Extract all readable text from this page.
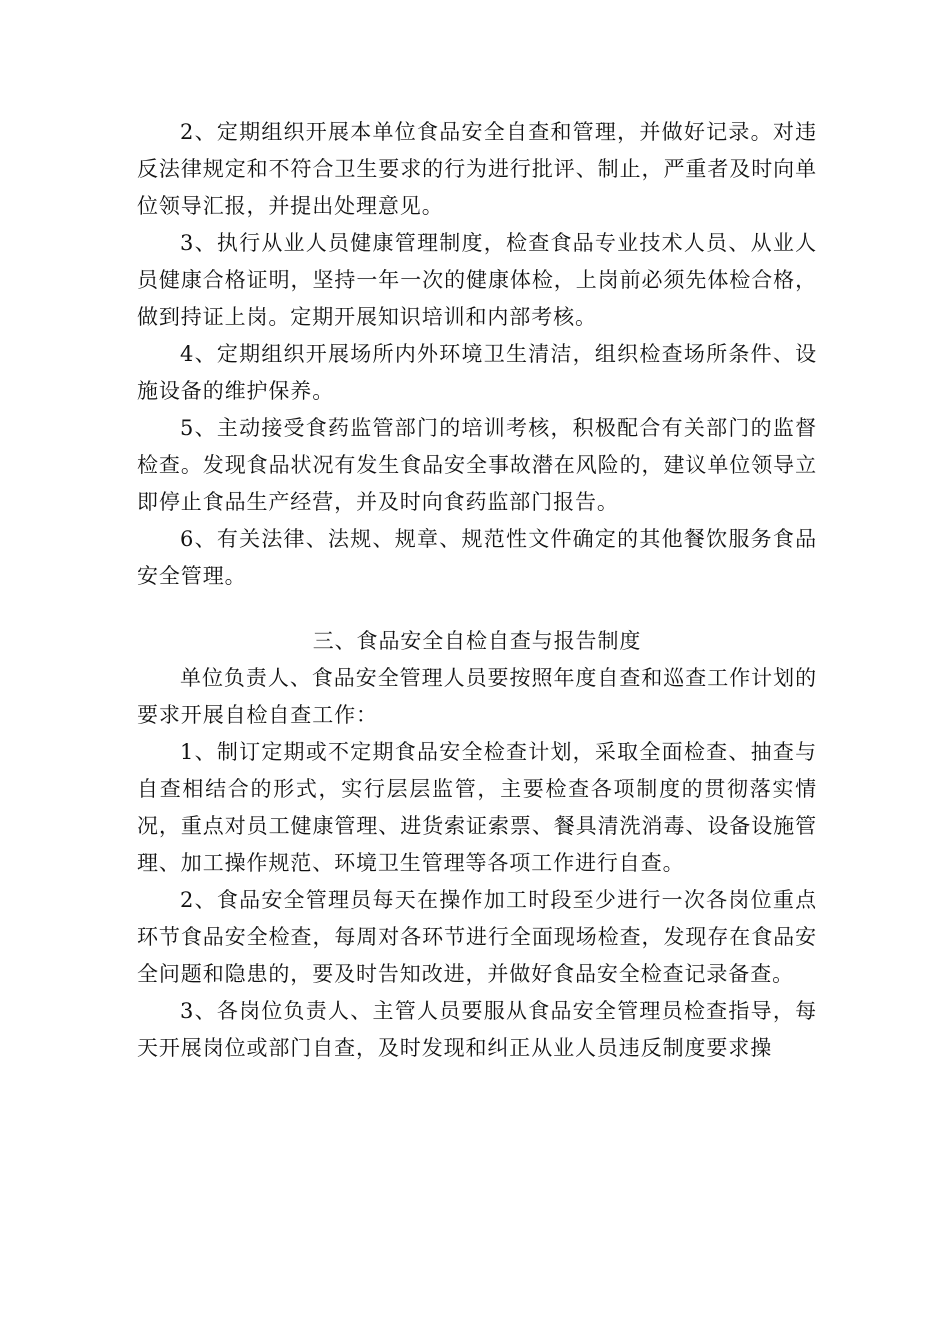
2、定期组织开展本单位食品安全自查和管理，并做好记录。对违反法律规定和不符合卫生要求的行为进行批评、制止，严重者及时向单位领导汇报，并提出处理意见。

3、执行从业人员健康管理制度，检查食品专业技术人员、从业人员健康合格证明，坚持一年一次的健康体检，上岗前必须先体检合格，做到持证上岗。定期开展知识培训和内部考核。

4、定期组织开展场所内外环境卫生清洁，组织检查场所条件、设施设备的维护保养。

5、主动接受食药监管部门的培训考核，积极配合有关部门的监督检查。发现食品状况有发生食品安全事故潜在风险的，建议单位领导立即停止食品生产经营，并及时向食药监部门报告。

6、有关法律、法规、规章、规范性文件确定的其他餐饮服务食品安全管理。

三、食品安全自检自查与报告制度

单位负责人、食品安全管理人员要按照年度自查和巡查工作计划的要求开展自检自查工作：

1、制订定期或不定期食品安全检查计划，采取全面检查、抽查与自查相结合的形式，实行层层监管，主要检查各项制度的贯彻落实情况，重点对员工健康管理、进货索证索票、餐具清洗消毒、设备设施管理、加工操作规范、环境卫生管理等各项工作进行自查。

2、食品安全管理员每天在操作加工时段至少进行一次各岗位重点环节食品安全检查，每周对各环节进行全面现场检查，发现存在食品安全问题和隐患的，要及时告知改进，并做好食品安全检查记录备查。

3、各岗位负责人、主管人员要服从食品安全管理员检查指导，每天开展岗位或部门自查，及时发现和纠正从业人员违反制度要求操
